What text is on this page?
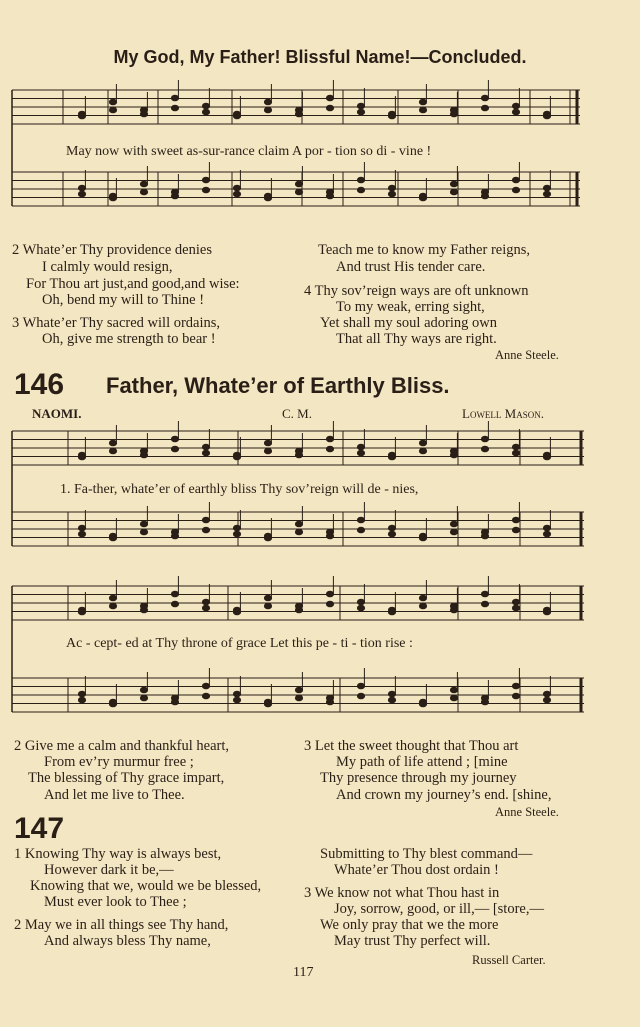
My God, My Father! Blissful Name!—Concluded.
May now with sweet as-sur-rance claim A por - tion so di - vine !
2 Whate’er Thy providence denies
I calmly would resign,
For Thou art just,and good,and wise:
Oh, bend my will to Thine !
3 Whate’er Thy sacred will ordains,
Oh, give me strength to bear !
Teach me to know my Father reigns,
And trust His tender care.
4 Thy sov’reign ways are oft unknown
To my weak, erring sight,
Yet shall my soul adoring own
That all Thy ways are right.
Anne Steele.
146 Father, Whate’er of Earthly Bliss.
NAOMI.	C. M.	Lowell Mason.
1. Fa-ther, whate’er of earthly bliss Thy sov’reign will de - nies,
Ac - cept- ed at Thy throne of grace Let this pe - ti - tion rise :
2 Give me a calm and thankful heart,
From ev’ry murmur free ;
The blessing of Thy grace impart,
And let me live to Thee.
3 Let the sweet thought that Thou art
My path of life attend ; [mine
Thy presence through my journey
And crown my journey’s end. [shine,
Anne Steele.
147
1 Knowing Thy way is always best,
However dark it be,—
Knowing that we, would we be blessed,
Must ever look to Thee ;
2 May we in all things see Thy hand,
And always bless Thy name,
Submitting to Thy blest command—
Whate’er Thou dost ordain !
3 We know not what Thou hast in
Joy, sorrow, good, or ill,— [store,—
We only pray that we the more
May trust Thy perfect will.
Russell Carter.
117
